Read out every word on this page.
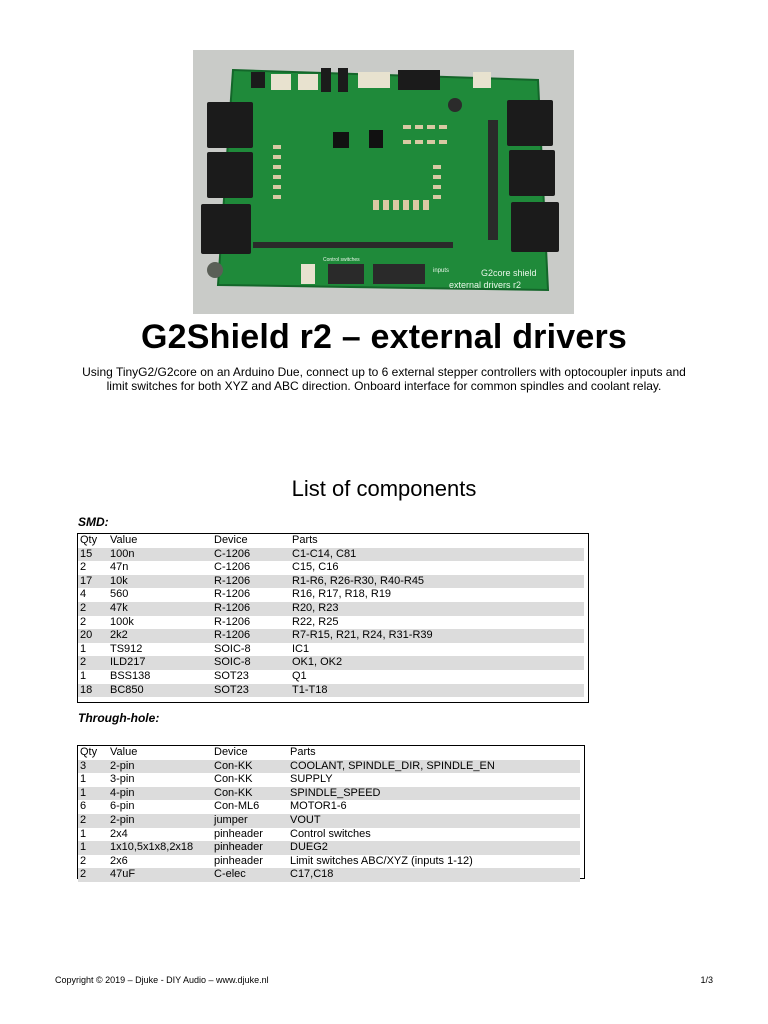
G2core shield
external drivers r2
inputs
Control switches
G2Shield r2 – external drivers
Using TinyG2/G2core on an Arduino Due, connect up to 6 external stepper controllers with optocoupler inputs and limit switches for both XYZ and ABC direction. Onboard interface for common spindles and coolant relay.
List of components
SMD:
Qty	Value	Device	Parts
15	100n	C-1206	C1-C14, C81
2	47n	C-1206	C15, C16
17	10k	R-1206	R1-R6, R26-R30, R40-R45
4	560	R-1206	R16, R17, R18, R19
2	47k	R-1206	R20, R23
2	100k	R-1206	R22, R25
20	2k2	R-1206	R7-R15, R21, R24, R31-R39
1	TS912	SOIC-8	IC1
2	ILD217	SOIC-8	OK1, OK2
1	BSS138	SOT23	Q1
18	BC850	SOT23	T1-T18
Through-hole:
Qty	Value	Device	Parts
3	2-pin	Con-KK	COOLANT, SPINDLE_DIR, SPINDLE_EN
1	3-pin	Con-KK	SUPPLY
1	4-pin	Con-KK	SPINDLE_SPEED
6	6-pin	Con-ML6	MOTOR1-6
2	2-pin	jumper	VOUT
1	2x4	pinheader	Control switches
1	1x10,5x1x8,2x18	pinheader	DUEG2
2	2x6	pinheader	Limit switches ABC/XYZ (inputs 1-12)
2	47uF	C-elec	C17,C18
Copyright © 2019 – Djuke - DIY Audio – www.djuke.nl	1/3
